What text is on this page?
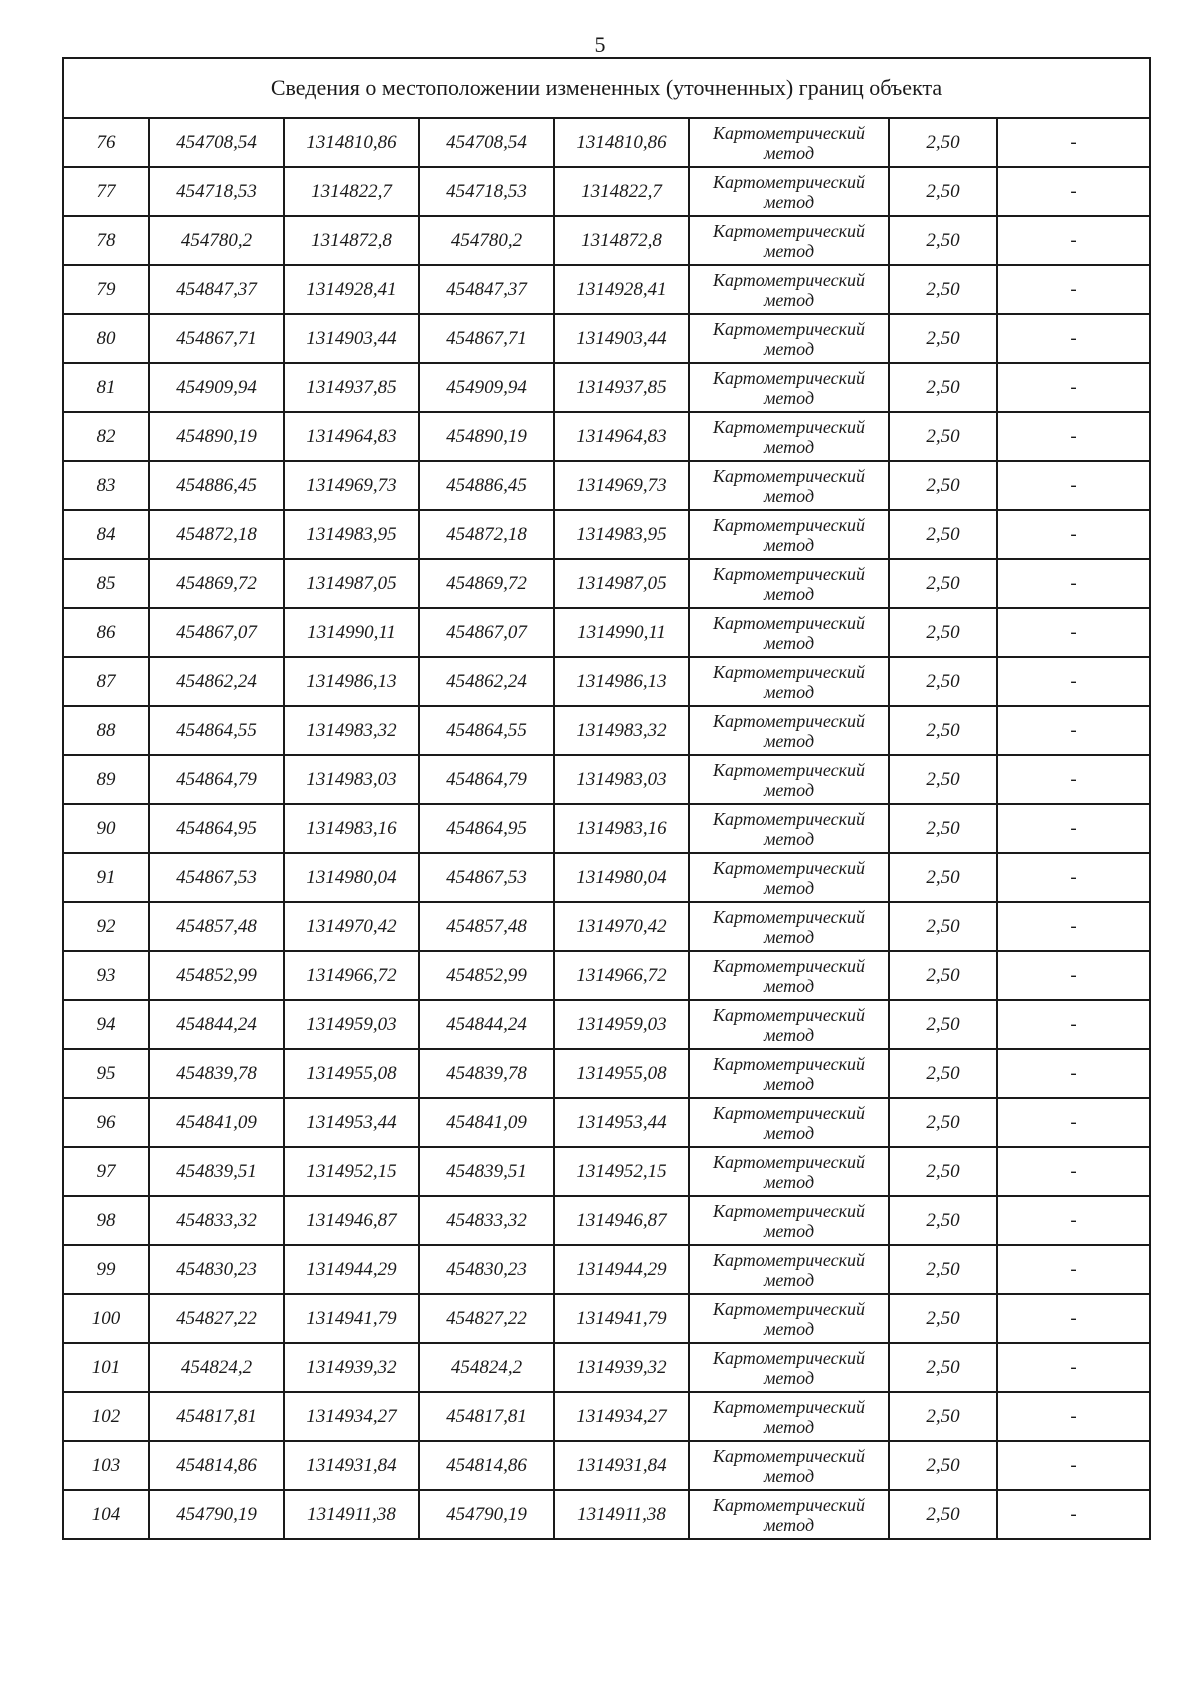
5
Сведения о местоположении измененных (уточненных) границ объекта							
76	454708,54	1314810,86	454708,54	1314810,86	Картометрический метод	2,50	-
77	454718,53	1314822,7	454718,53	1314822,7	Картометрический метод	2,50	-
78	454780,2	1314872,8	454780,2	1314872,8	Картометрический метод	2,50	-
79	454847,37	1314928,41	454847,37	1314928,41	Картометрический метод	2,50	-
80	454867,71	1314903,44	454867,71	1314903,44	Картометрический метод	2,50	-
81	454909,94	1314937,85	454909,94	1314937,85	Картометрический метод	2,50	-
82	454890,19	1314964,83	454890,19	1314964,83	Картометрический метод	2,50	-
83	454886,45	1314969,73	454886,45	1314969,73	Картометрический метод	2,50	-
84	454872,18	1314983,95	454872,18	1314983,95	Картометрический метод	2,50	-
85	454869,72	1314987,05	454869,72	1314987,05	Картометрический метод	2,50	-
86	454867,07	1314990,11	454867,07	1314990,11	Картометрический метод	2,50	-
87	454862,24	1314986,13	454862,24	1314986,13	Картометрический метод	2,50	-
88	454864,55	1314983,32	454864,55	1314983,32	Картометрический метод	2,50	-
89	454864,79	1314983,03	454864,79	1314983,03	Картометрический метод	2,50	-
90	454864,95	1314983,16	454864,95	1314983,16	Картометрический метод	2,50	-
91	454867,53	1314980,04	454867,53	1314980,04	Картометрический метод	2,50	-
92	454857,48	1314970,42	454857,48	1314970,42	Картометрический метод	2,50	-
93	454852,99	1314966,72	454852,99	1314966,72	Картометрический метод	2,50	-
94	454844,24	1314959,03	454844,24	1314959,03	Картометрический метод	2,50	-
95	454839,78	1314955,08	454839,78	1314955,08	Картометрический метод	2,50	-
96	454841,09	1314953,44	454841,09	1314953,44	Картометрический метод	2,50	-
97	454839,51	1314952,15	454839,51	1314952,15	Картометрический метод	2,50	-
98	454833,32	1314946,87	454833,32	1314946,87	Картометрический метод	2,50	-
99	454830,23	1314944,29	454830,23	1314944,29	Картометрический метод	2,50	-
100	454827,22	1314941,79	454827,22	1314941,79	Картометрический метод	2,50	-
101	454824,2	1314939,32	454824,2	1314939,32	Картометрический метод	2,50	-
102	454817,81	1314934,27	454817,81	1314934,27	Картометрический метод	2,50	-
103	454814,86	1314931,84	454814,86	1314931,84	Картометрический метод	2,50	-
104	454790,19	1314911,38	454790,19	1314911,38	Картометрический метод	2,50	-
